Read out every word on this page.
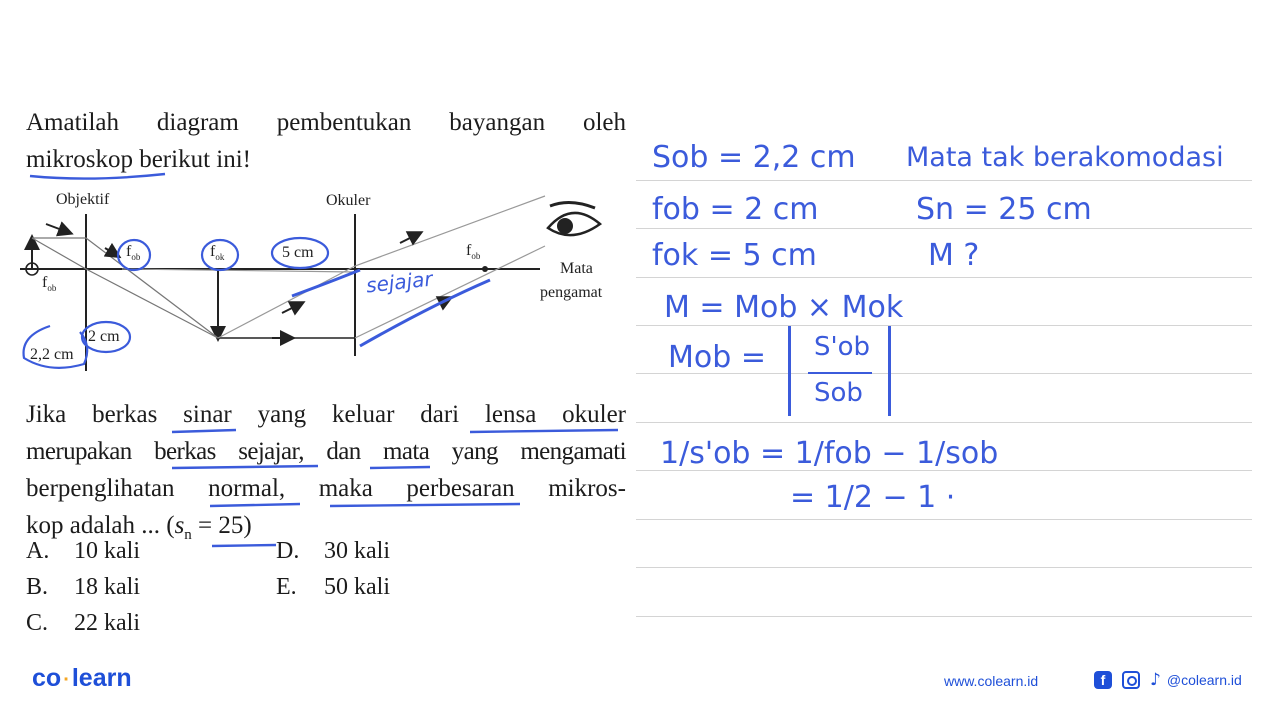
Amatilah diagram pembentukan bayangan oleh
mikroskop berikut ini!
Objektif	Okuler
$f_{ob}$	$f_{ok}$	5 cm	$f_{ob}$
$f_{ob}$
Mata
pengamat
2 cm
2,2 cm
sejajar
Jika berkas sinar yang keluar dari lensa okuler
merupakan berkas sejajar, dan mata yang mengamati
berpenglihatan normal, maka perbesaran mikros-
kop adalah ... $(s_n = 25)$
A. 10 kali
B. 18 kali
C. 22 kali
D. 30 kali
E. 50 kali
Sob = 2,2 cm Mata tak berakomodasi
fob = 2 cm	Sn = 25 cm
fok = 5 cm	M ?
M = Mob × Mok
Mob = S'ob
Sob
1/s'ob = 1/fob − 1/sob
= 1/2 − 1 ·
co ·learn	www.colearn.id	f	♪ @colearn.id
